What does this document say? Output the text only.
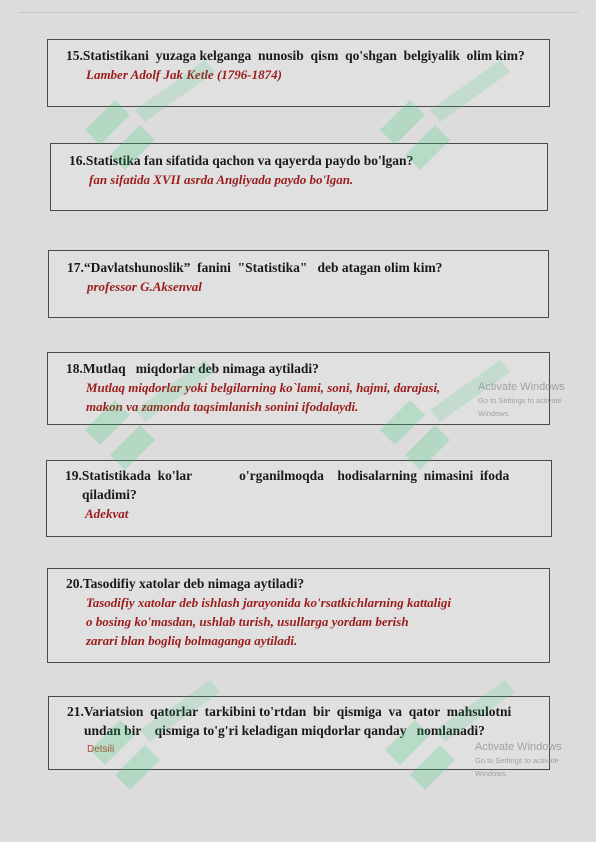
15.Statistikani  yuzaga kelganga  nunosib  qism  qo'shgan  belgiyalik  olim kim?
Lamber Adolf Jak Ketle (1796-1874)
16.Statistika fan sifatida qachon va qayerda paydo bo'lgan?
fan sifatida XVII asrda Angliyada paydo bo'lgan.
17.“Davlatshunoslik”  fanini  "Statistika"   deb atagan olim kim?
professor G.Aksenval
18.Mutlaq   miqdorlar deb nimaga aytiladi?
Mutlaq miqdorlar yoki belgilarning ko`lami, soni, hajmi, darajasi,
makon va zamonda taqsimlanish sonini ifodalaydi.
19.Statistikada  ko'lar              o'rganilmoqda    hodisalarning  nimasini  ifoda
qiladimi?
Adekvat
20.Tasodifiy xatolar deb nimaga aytiladi?
Tasodifiy xatolar deb ishlash jarayonida ko'rsatkichlarning kattaligi
o bosing ko'masdan, ushlab turish, usullarga yordam berish
zarari blan bogliq bolmaganga aytiladi.
21.Variatsion  qatorlar  tarkibini to'rtdan  bir  qismiga  va  qator  mahsulotni
undan bir    qismiga to'g'ri keladigan miqdorlar qanday   nomlanadi?
Detsili
Activate Windows
Go to Settings to activate Windows.
Activate Windows
Go to Settings to activate Windows.
